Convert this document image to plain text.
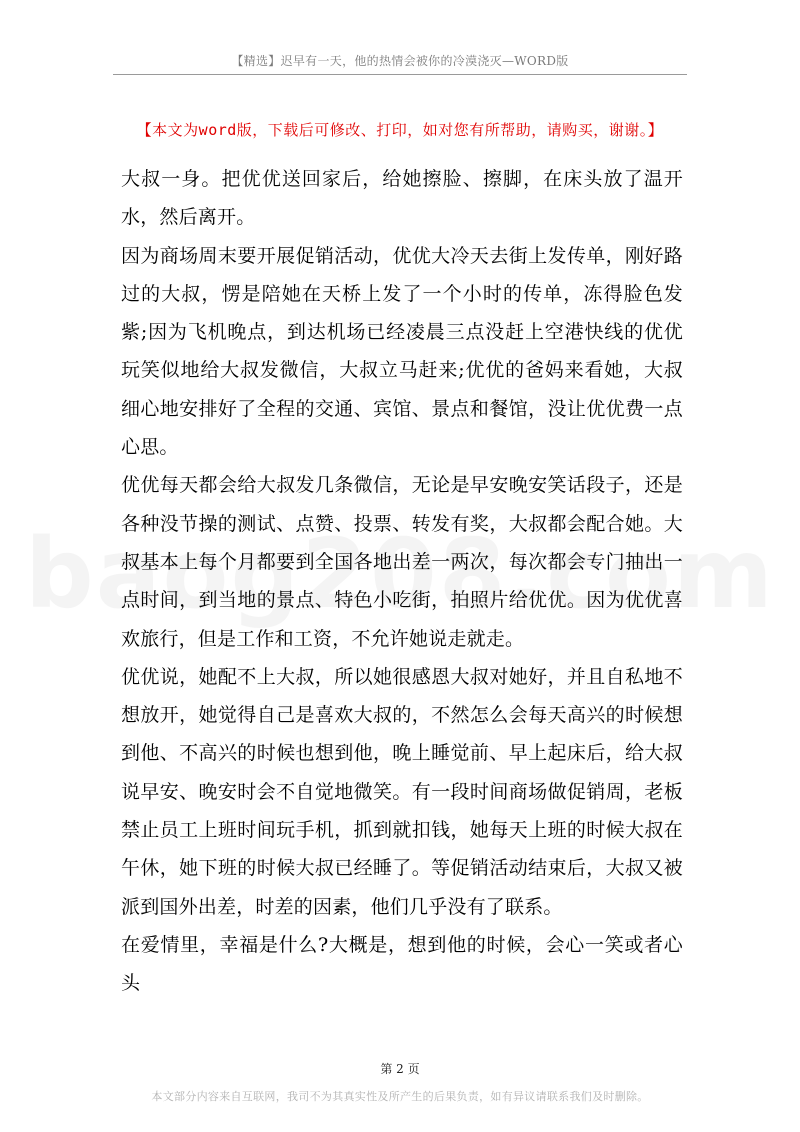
【精选】迟早有一天，他的热情会被你的冷漠浇灭—WORD版
【本文为word版，下载后可修改、打印，如对您有所帮助，请购买，谢谢。】

大叔一身。把优优送回家后，给她擦脸、擦脚，在床头放了温开水，然后离开。

因为商场周末要开展促销活动，优优大冷天去街上发传单，刚好路过的大叔，愣是陪她在天桥上发了一个小时的传单，冻得脸色发紫;因为飞机晚点，到达机场已经凌晨三点没赶上空港快线的优优玩笑似地给大叔发微信，大叔立马赶来;优优的爸妈来看她，大叔细心地安排好了全程的交通、宾馆、景点和餐馆，没让优优费一点心思。

优优每天都会给大叔发几条微信，无论是早安晚安笑话段子，还是各种没节操的测试、点赞、投票、转发有奖，大叔都会配合她。大叔基本上每个月都要到全国各地出差一两次，每次都会专门抽出一点时间，到当地的景点、特色小吃街，拍照片给优优。因为优优喜欢旅行，但是工作和工资，不允许她说走就走。

优优说，她配不上大叔，所以她很感恩大叔对她好，并且自私地不想放开，她觉得自己是喜欢大叔的，不然怎么会每天高兴的时候想到他、不高兴的时候也想到他，晚上睡觉前、早上起床后，给大叔说早安、晚安时会不自觉地微笑。有一段时间商场做促销周，老板禁止员工上班时间玩手机，抓到就扣钱，她每天上班的时候大叔在午休，她下班的时候大叔已经睡了。等促销活动结束后，大叔又被派到国外出差，时差的因素，他们几乎没有了联系。

在爱情里，幸福是什么?大概是，想到他的时候，会心一笑或者心头

第 2 页
本文部分内容来自互联网，我司不为其真实性及所产生的后果负责，如有异议请联系我们及时删除。
